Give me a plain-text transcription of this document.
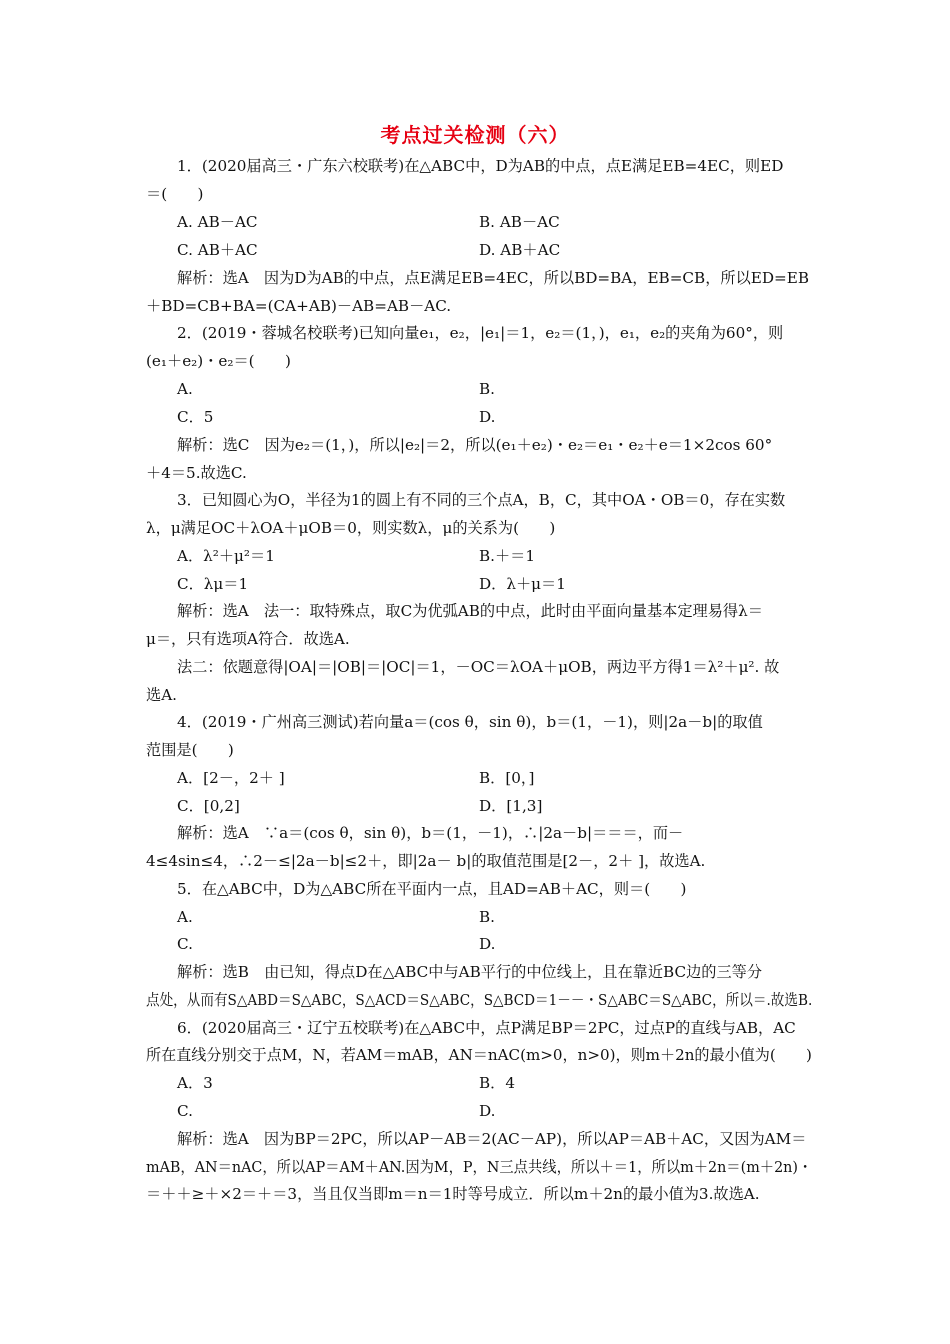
考点过关检测（六）
1．(2020届高三・广东六校联考)在△ABC中，D为AB的中点，点E满足EB=4EC，则ED
＝(　　)
A. AB－AC	B. AB－AC
C. AB＋AC	D. AB＋AC
解析：选A　因为D为AB的中点，点E满足EB=4EC，所以BD=BA，EB=CB，所以ED=EB
＋BD=CB+BA=(CA+AB)－AB=AB－AC.
2．(2019・蓉城名校联考)已知向量e₁，e₂，|e₁|＝1，e₂＝(1，)，e₁，e₂的夹角为60°，则
(e₁＋e₂)・e₂＝(　　)
A.	B.
C．5	D.
解析：选C　因为e₂＝(1，)，所以|e₂|＝2，所以(e₁＋e₂)・e₂＝e₁・e₂＋e＝1×2cos 60°
＋4＝5.故选C.
3．已知圆心为O，半径为1的圆上有不同的三个点A，B，C，其中OA・OB＝0，存在实数
λ，μ满足OC＋λOA＋μOB＝0，则实数λ，μ的关系为(　　)
A．λ²＋μ²＝1	B.＋＝1
C．λμ＝1	D．λ＋μ＝1
解析：选A　法一：取特殊点，取C为优弧AB的中点，此时由平面向量基本定理易得λ＝
μ＝，只有选项A符合．故选A.
法二：依题意得|OA|＝|OB|＝|OC|＝1，－OC＝λOA＋μOB，两边平方得1＝λ²＋μ². 故
选A.
4．(2019・广州高三测试)若向量a＝(cos θ，sin θ)，b＝(1，－1)，则|2a－b|的取值
范围是(　　)
A．[2－，2＋ ]	B．[0，]
C．[0,2]	D．[1,3]
解析：选A　∵a＝(cos θ，sin θ)，b＝(1，－1)，∴|2a－b|＝＝＝，而－
4≤4sin≤4，∴2－≤|2a－b|≤2＋，即|2a－ b|的取值范围是[2－，2＋ ]，故选A.
5．在△ABC中，D为△ABC所在平面内一点，且AD=AB＋AC，则＝(　　)
A.	B.
C.	D.
解析：选B　由已知，得点D在△ABC中与AB平行的中位线上，且在靠近BC边的三等分
点处，从而有S△ABD＝S△ABC，S△ACD＝S△ABC，S△BCD＝1－－・S△ABC＝S△ABC，所以＝.故选B.
6．(2020届高三・辽宁五校联考)在△ABC中，点P满足BP＝2PC，过点P的直线与AB，AC
所在直线分别交于点M，N，若AM＝mAB，AN＝nAC(m>0，n>0)，则m＋2n的最小值为(　　)
A．3	B．4
C.	D.
解析：选A　因为BP＝2PC，所以AP－AB＝2(AC－AP)，所以AP＝AB＋AC，又因为AM＝
mAB，AN＝nAC，所以AP＝AM＋AN.因为M，P，N三点共线，所以＋＝1，所以m＋2n＝(m＋2n)・
＝＋＋≥＋×2＝＋＝3，当且仅当即m＝n＝1时等号成立．所以m＋2n的最小值为3.故选A.
